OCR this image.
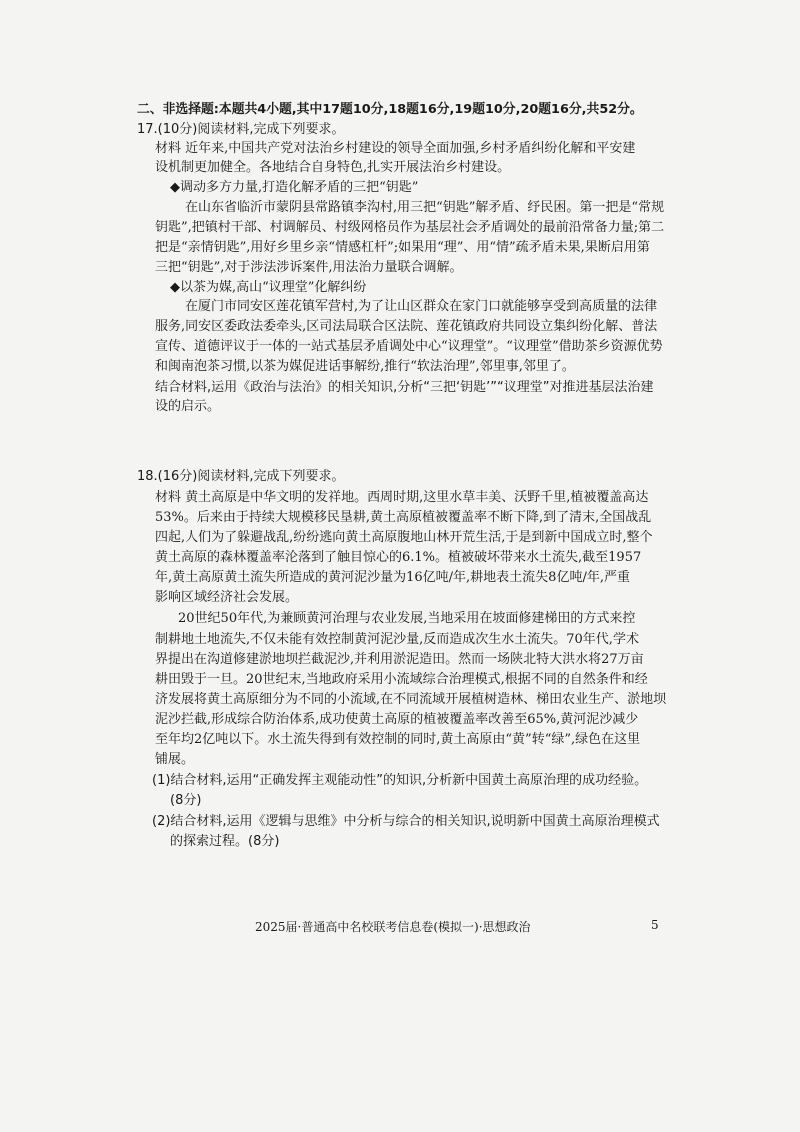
二、非选择题:本题共4小题,其中17题10分,18题16分,19题10分,20题16分,共52分。
17.(10分)阅读材料,完成下列要求。
材料 近年来,中国共产党对法治乡村建设的领导全面加强,乡村矛盾纠纷化解和平安建
设机制更加健全。各地结合自身特色,扎实开展法治乡村建设。
◆调动多方力量,打造化解矛盾的三把“钥匙”
在山东省临沂市蒙阴县常路镇李沟村,用三把“钥匙”解矛盾、纾民困。第一把是“常规
钥匙”,把镇村干部、村调解员、村级网格员作为基层社会矛盾调处的最前沿常备力量;第二
把是“亲情钥匙”,用好乡里乡亲“情感杠杆”;如果用“理”、用“情”疏矛盾未果,果断启用第
三把“钥匙”,对于涉法涉诉案件,用法治力量联合调解。
◆以茶为媒,高山“议理堂”化解纠纷
在厦门市同安区莲花镇军营村,为了让山区群众在家门口就能够享受到高质量的法律
服务,同安区委政法委牵头,区司法局联合区法院、莲花镇政府共同设立集纠纷化解、普法
宣传、道德评议于一体的一站式基层矛盾调处中心“议理堂”。“议理堂”借助茶乡资源优势
和闽南泡茶习惯,以茶为媒促进话事解纷,推行“软法治理”,邻里事,邻里了。
结合材料,运用《政治与法治》的相关知识,分析“三把‘钥匙’”“议理堂”对推进基层法治建
设的启示。
18.(16分)阅读材料,完成下列要求。
材料 黄土高原是中华文明的发祥地。西周时期,这里水草丰美、沃野千里,植被覆盖高达
53%。后来由于持续大规模移民垦耕,黄土高原植被覆盖率不断下降,到了清末,全国战乱
四起,人们为了躲避战乱,纷纷逃向黄土高原腹地山林开荒生活,于是到新中国成立时,整个
黄土高原的森林覆盖率沦落到了触目惊心的6.1%。植被破坏带来水土流失,截至1957
年,黄土高原黄土流失所造成的黄河泥沙量为16亿吨/年,耕地表土流失8亿吨/年,严重
影响区域经济社会发展。
20世纪50年代,为兼顾黄河治理与农业发展,当地采用在坡面修建梯田的方式来控
制耕地土地流失,不仅未能有效控制黄河泥沙量,反而造成次生水土流失。70年代,学术
界提出在沟道修建淤地坝拦截泥沙,并利用淤泥造田。然而一场陕北特大洪水将27万亩
耕田毁于一旦。20世纪末,当地政府采用小流域综合治理模式,根据不同的自然条件和经
济发展将黄土高原细分为不同的小流域,在不同流域开展植树造林、梯田农业生产、淤地坝
泥沙拦截,形成综合防治体系,成功使黄土高原的植被覆盖率改善至65%,黄河泥沙减少
至年均2亿吨以下。水土流失得到有效控制的同时,黄土高原由“黄”转“绿”,绿色在这里
铺展。
(1)结合材料,运用“正确发挥主观能动性”的知识,分析新中国黄土高原治理的成功经验。
(8分)
(2)结合材料,运用《逻辑与思维》中分析与综合的相关知识,说明新中国黄土高原治理模式
的探索过程。(8分)
2025届·普通高中名校联考信息卷(模拟一)·思想政治	5
